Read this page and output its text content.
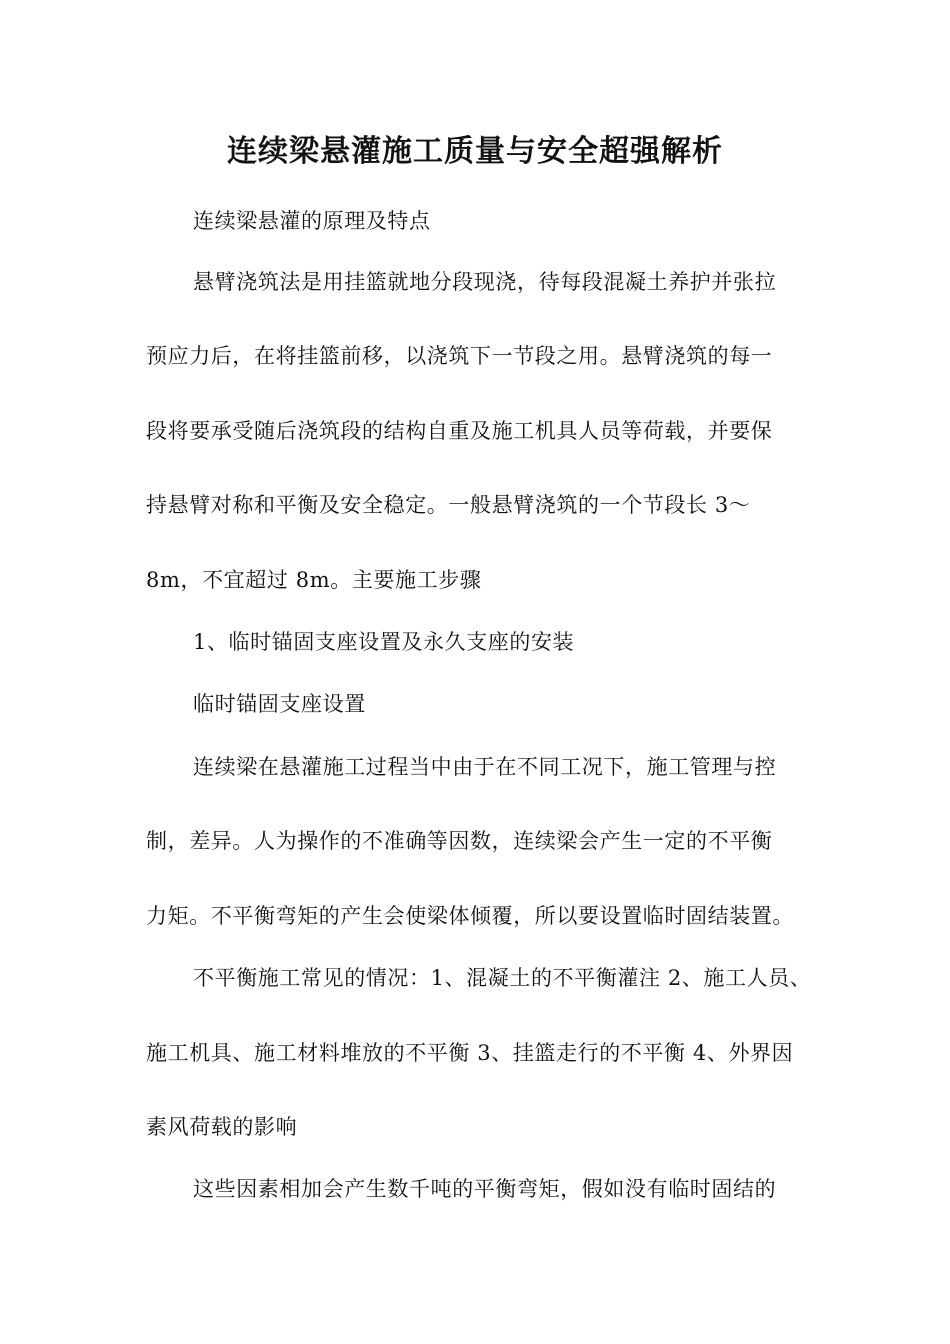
连续梁悬灌施工质量与安全超强解析
连续梁悬灌的原理及特点
悬臂浇筑法是用挂篮就地分段现浇，待每段混凝土养护并张拉
预应力后，在将挂篮前移，以浇筑下一节段之用。悬臂浇筑的每一
段将要承受随后浇筑段的结构自重及施工机具人员等荷载，并要保
持悬臂对称和平衡及安全稳定。一般悬臂浇筑的一个节段长 3～
8m，不宜超过 8m。主要施工步骤
1、临时锚固支座设置及永久支座的安装
临时锚固支座设置
连续梁在悬灌施工过程当中由于在不同工况下，施工管理与控
制，差异。人为操作的不准确等因数，连续梁会产生一定的不平衡
力矩。不平衡弯矩的产生会使梁体倾覆，所以要设置临时固结装置。
不平衡施工常见的情况：1、混凝土的不平衡灌注 2、施工人员、
施工机具、施工材料堆放的不平衡 3、挂篮走行的不平衡 4、外界因
素风荷载的影响
这些因素相加会产生数千吨的平衡弯矩，假如没有临时固结的
